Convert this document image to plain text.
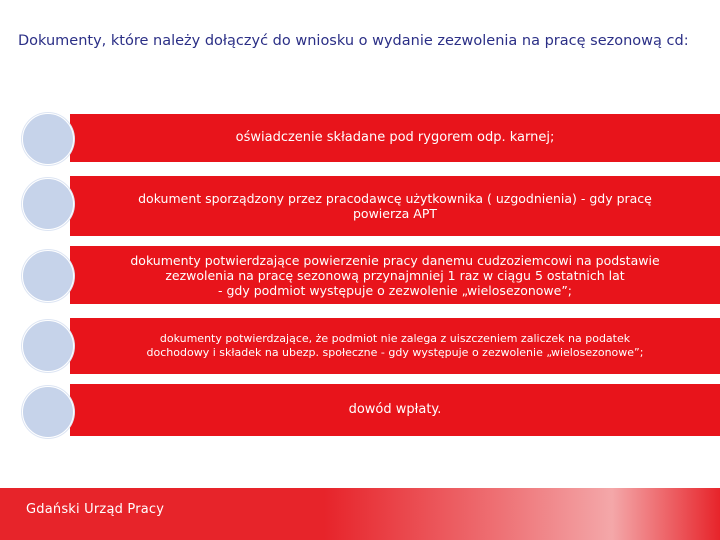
Dokumenty, które należy dołączyć do wniosku o wydanie zezwolenia na pracę sezonową cd:
oświadczenie składane pod rygorem odp. karnej;
dokument sporządzony przez pracodawcę użytkownika ( uzgodnienia) - gdy pracę
powierza APT
dokumenty potwierdzające powierzenie pracy danemu cudzoziemcowi na podstawie
zezwolenia na pracę sezonową przynajmniej 1 raz w ciągu 5 ostatnich lat
- gdy podmiot występuje o zezwolenie „wielosezonowe”;
dokumenty potwierdzające, że podmiot nie zalega z uiszczeniem zaliczek na podatek
dochodowy i składek na ubezp. społeczne - gdy występuje o zezwolenie „wielosezonowe”;
dowód wpłaty.
Gdański Urząd Pracy
